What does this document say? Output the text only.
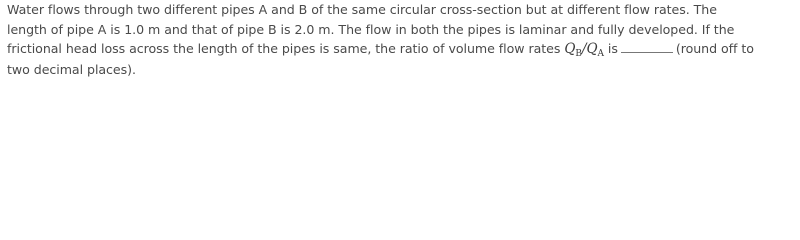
Water flows through two different pipes A and B of the same circular cross-section but at different flow rates. The
length of pipe A is 1.0 m and that of pipe B is 2.0 m. The flow in both the pipes is laminar and fully developed. If the
frictional head loss across the length of the pipes is same, the ratio of volume flow rates $Q_B/Q_A$ is	(round off to
two decimal places).
